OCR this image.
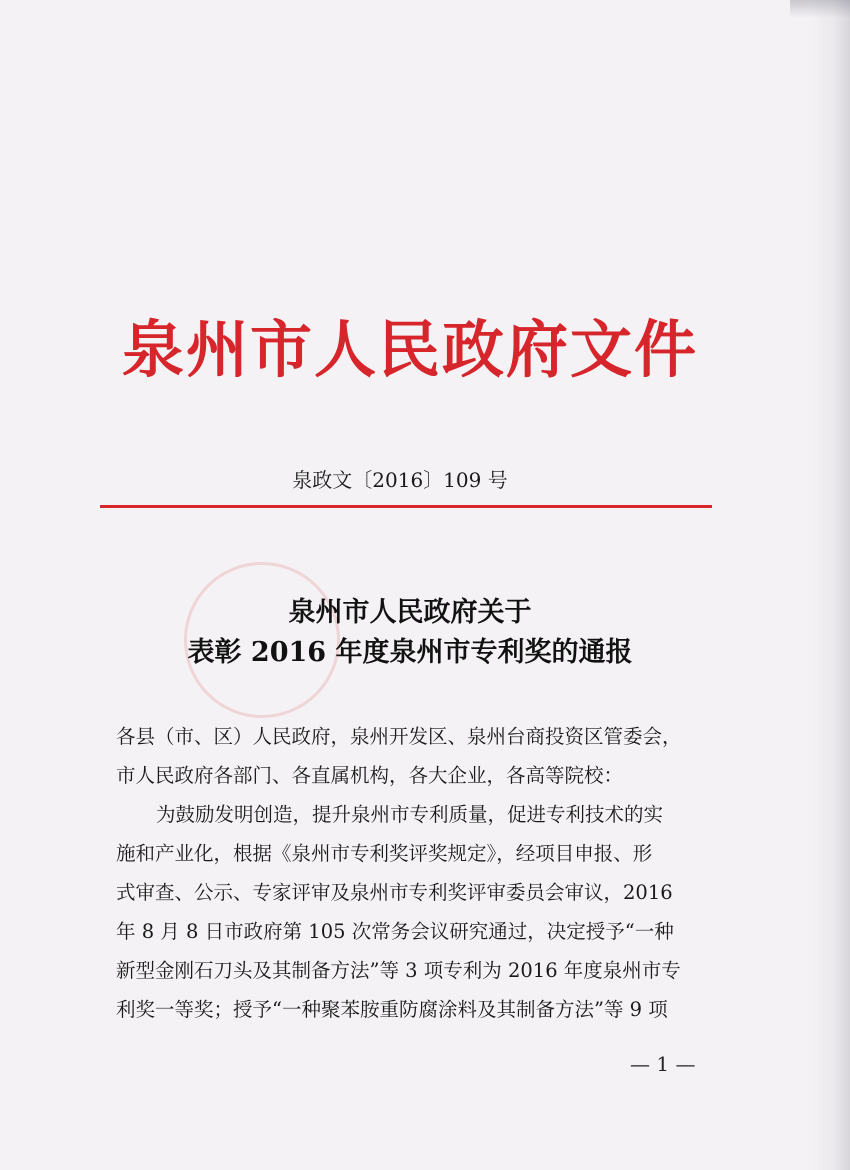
泉州市人民政府文件
泉政文〔2016〕109 号
泉州市人民政府关于
表彰 2016 年度泉州市专利奖的通报

各县（市、区）人民政府，泉州开发区、泉州台商投资区管委会，

市人民政府各部门、各直属机构，各大企业，各高等院校：

为鼓励发明创造，提升泉州市专利质量，促进专利技术的实

施和产业化，根据《泉州市专利奖评奖规定》，经项目申报、形

式审查、公示、专家评审及泉州市专利奖评审委员会审议，2016

年 8 月 8 日市政府第 105 次常务会议研究通过，决定授予“一种

新型金刚石刀头及其制备方法”等 3 项专利为 2016 年度泉州市专

利奖一等奖；授予“一种聚苯胺重防腐涂料及其制备方法”等 9 项

— 1 —
